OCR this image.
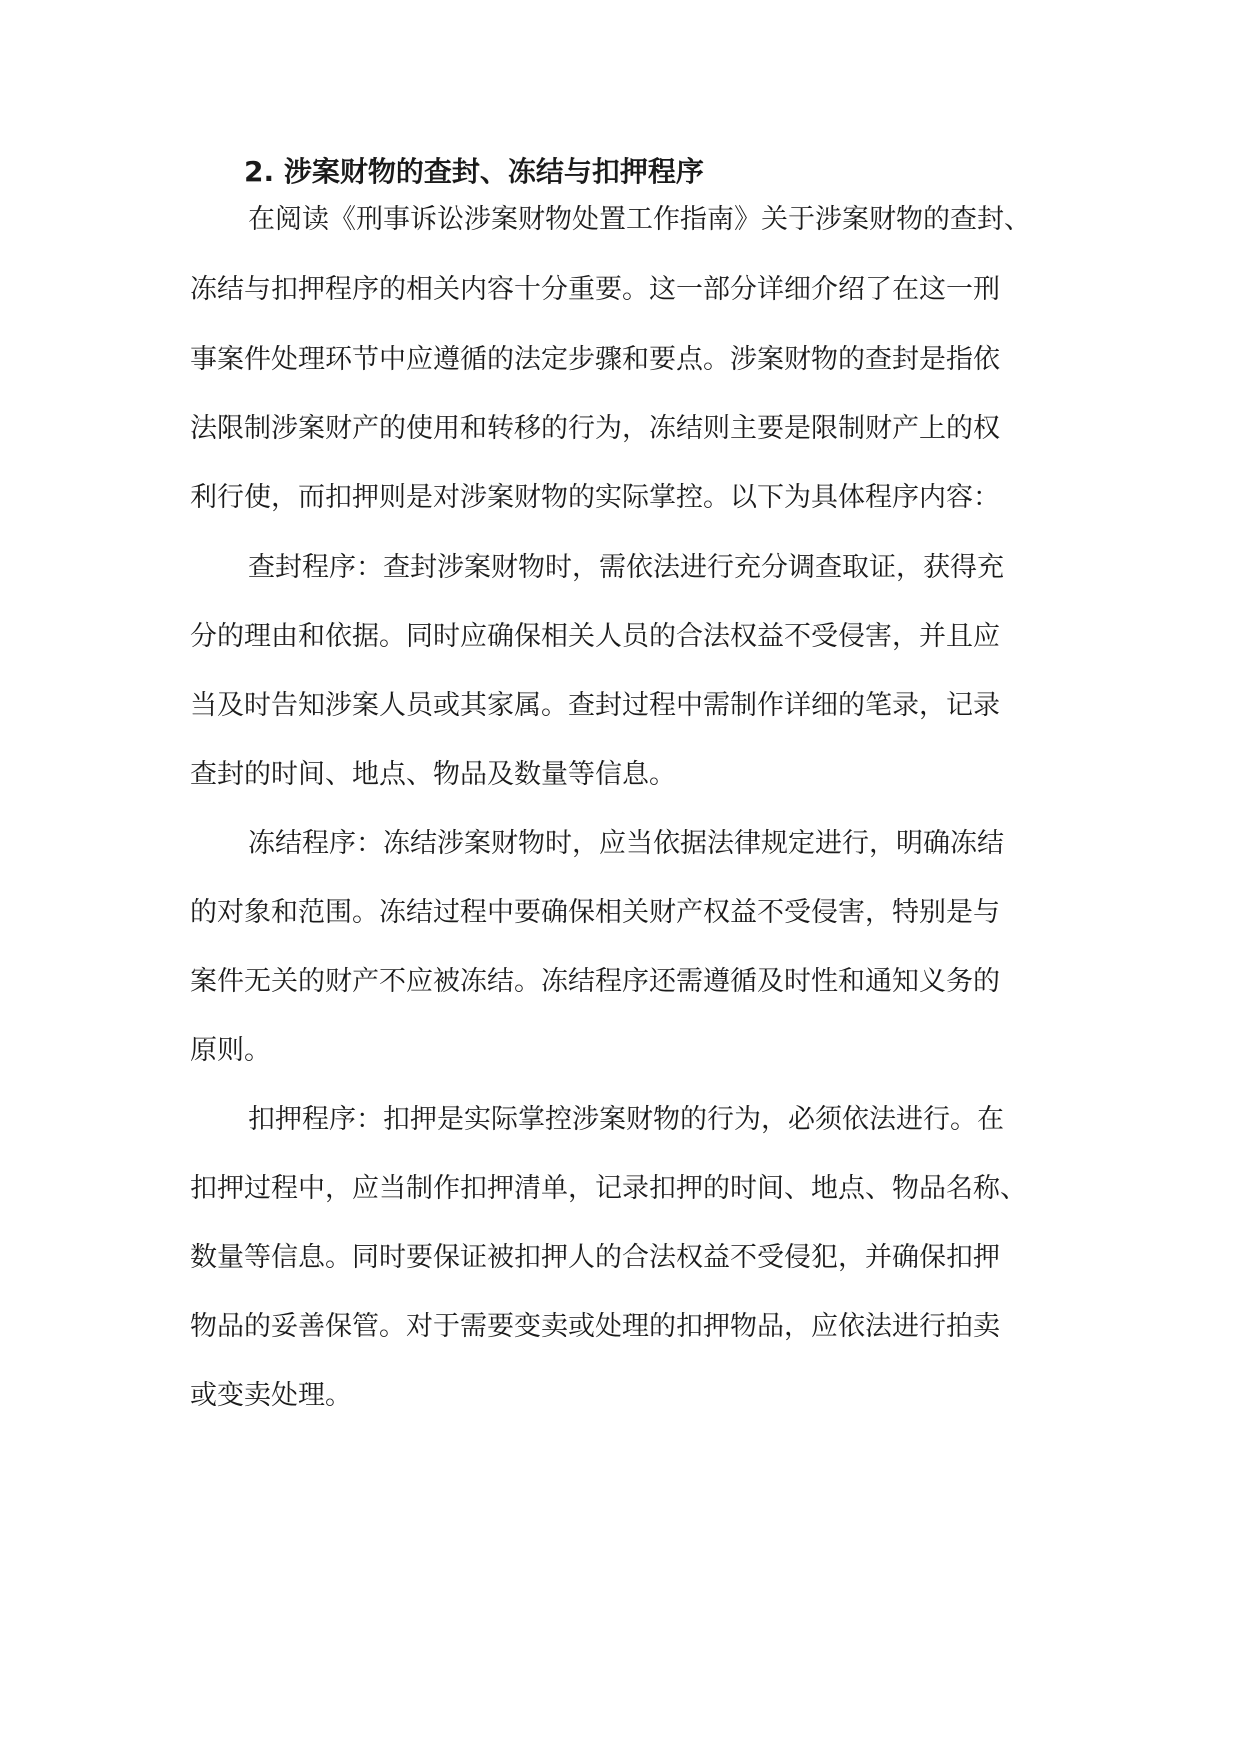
2. 涉案财物的查封、冻结与扣押程序
在阅读《刑事诉讼涉案财物处置工作指南》关于涉案财物的查封、
冻结与扣押程序的相关内容十分重要。这一部分详细介绍了在这一刑
事案件处理环节中应遵循的法定步骤和要点。涉案财物的查封是指依
法限制涉案财产的使用和转移的行为，冻结则主要是限制财产上的权
利行使，而扣押则是对涉案财物的实际掌控。以下为具体程序内容：
查封程序：查封涉案财物时，需依法进行充分调查取证，获得充
分的理由和依据。同时应确保相关人员的合法权益不受侵害，并且应
当及时告知涉案人员或其家属。查封过程中需制作详细的笔录，记录
查封的时间、地点、物品及数量等信息。
冻结程序：冻结涉案财物时，应当依据法律规定进行，明确冻结
的对象和范围。冻结过程中要确保相关财产权益不受侵害，特别是与
案件无关的财产不应被冻结。冻结程序还需遵循及时性和通知义务的
原则。
扣押程序：扣押是实际掌控涉案财物的行为，必须依法进行。在
扣押过程中，应当制作扣押清单，记录扣押的时间、地点、物品名称、
数量等信息。同时要保证被扣押人的合法权益不受侵犯，并确保扣押
物品的妥善保管。对于需要变卖或处理的扣押物品，应依法进行拍卖
或变卖处理。
